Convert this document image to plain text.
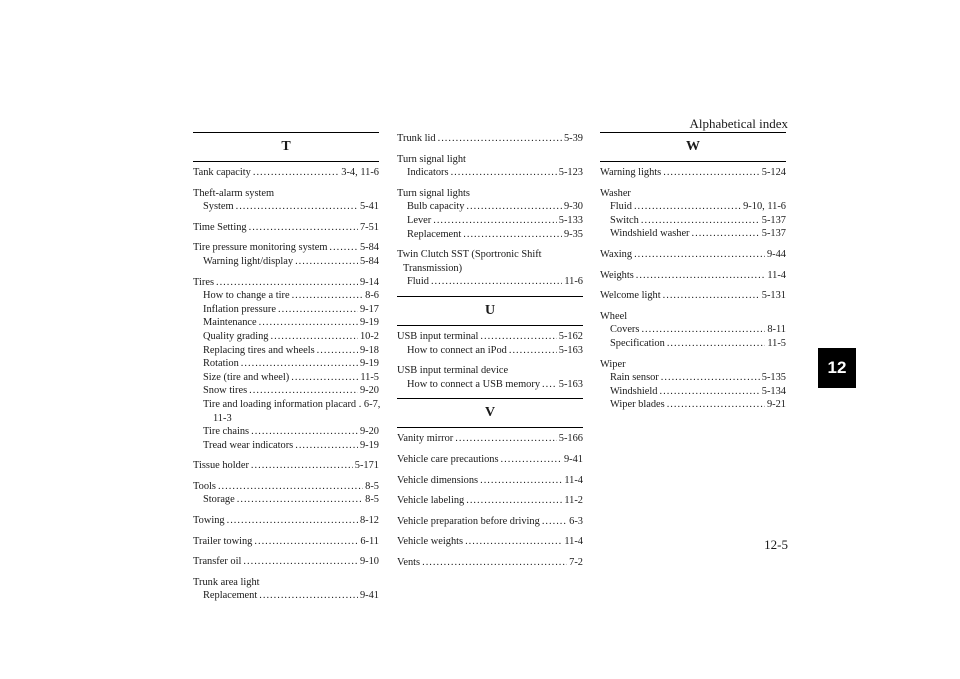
Alphabetical index
12-5
12
T
Tank capacity .....	3-4, 11-6
Theft-alarm system
System .....	5-41
Time Setting .....	7-51
Tire pressure monitoring system .....	5-84
Warning light/display .....	5-84
Tires .....	9-14
How to change a tire .....	8-6
Inflation pressure .....	9-17
Maintenance .....	9-19
Quality grading .....	10-2
Replacing tires and wheels .....	9-18
Rotation .....	9-19
Size (tire and wheel) .....	11-5
Snow tires .....	9-20
Tire and loading information placard . 6-7,
11-3
Tire chains .....	9-20
Tread wear indicators .....	9-19
Tissue holder .....	5-171
Tools .....	8-5
Storage .....	8-5
Towing .....	8-12
Trailer towing .....	6-11
Transfer oil .....	9-10
Trunk area light
Replacement .....	9-41
Trunk lid .....	5-39
Turn signal light
Indicators .....	5-123
Turn signal lights
Bulb capacity .....	9-30
Lever .....	5-133
Replacement .....	9-35
Twin Clutch SST (Sportronic Shift
Transmission)
Fluid .....	11-6
U
USB input terminal .....	5-162
How to connect an iPod .....	5-163
USB input terminal device
How to connect a USB memory ..... 5-163
V
Vanity mirror .....	5-166
Vehicle care precautions .....	9-41
Vehicle dimensions .....	11-4
Vehicle labeling .....	11-2
Vehicle preparation before driving .....	6-3
Vehicle weights .....	11-4
Vents .....	7-2
W
Warning lights .....	5-124
Washer
Fluid .....	9-10, 11-6
Switch .....	5-137
Windshield washer .....	5-137
Waxing .....	9-44
Weights .....	11-4
Welcome light .....	5-131
Wheel
Covers .....	8-11
Specification .....	11-5
Wiper
Rain sensor .....	5-135
Windshield .....	5-134
Wiper blades .....	9-21
